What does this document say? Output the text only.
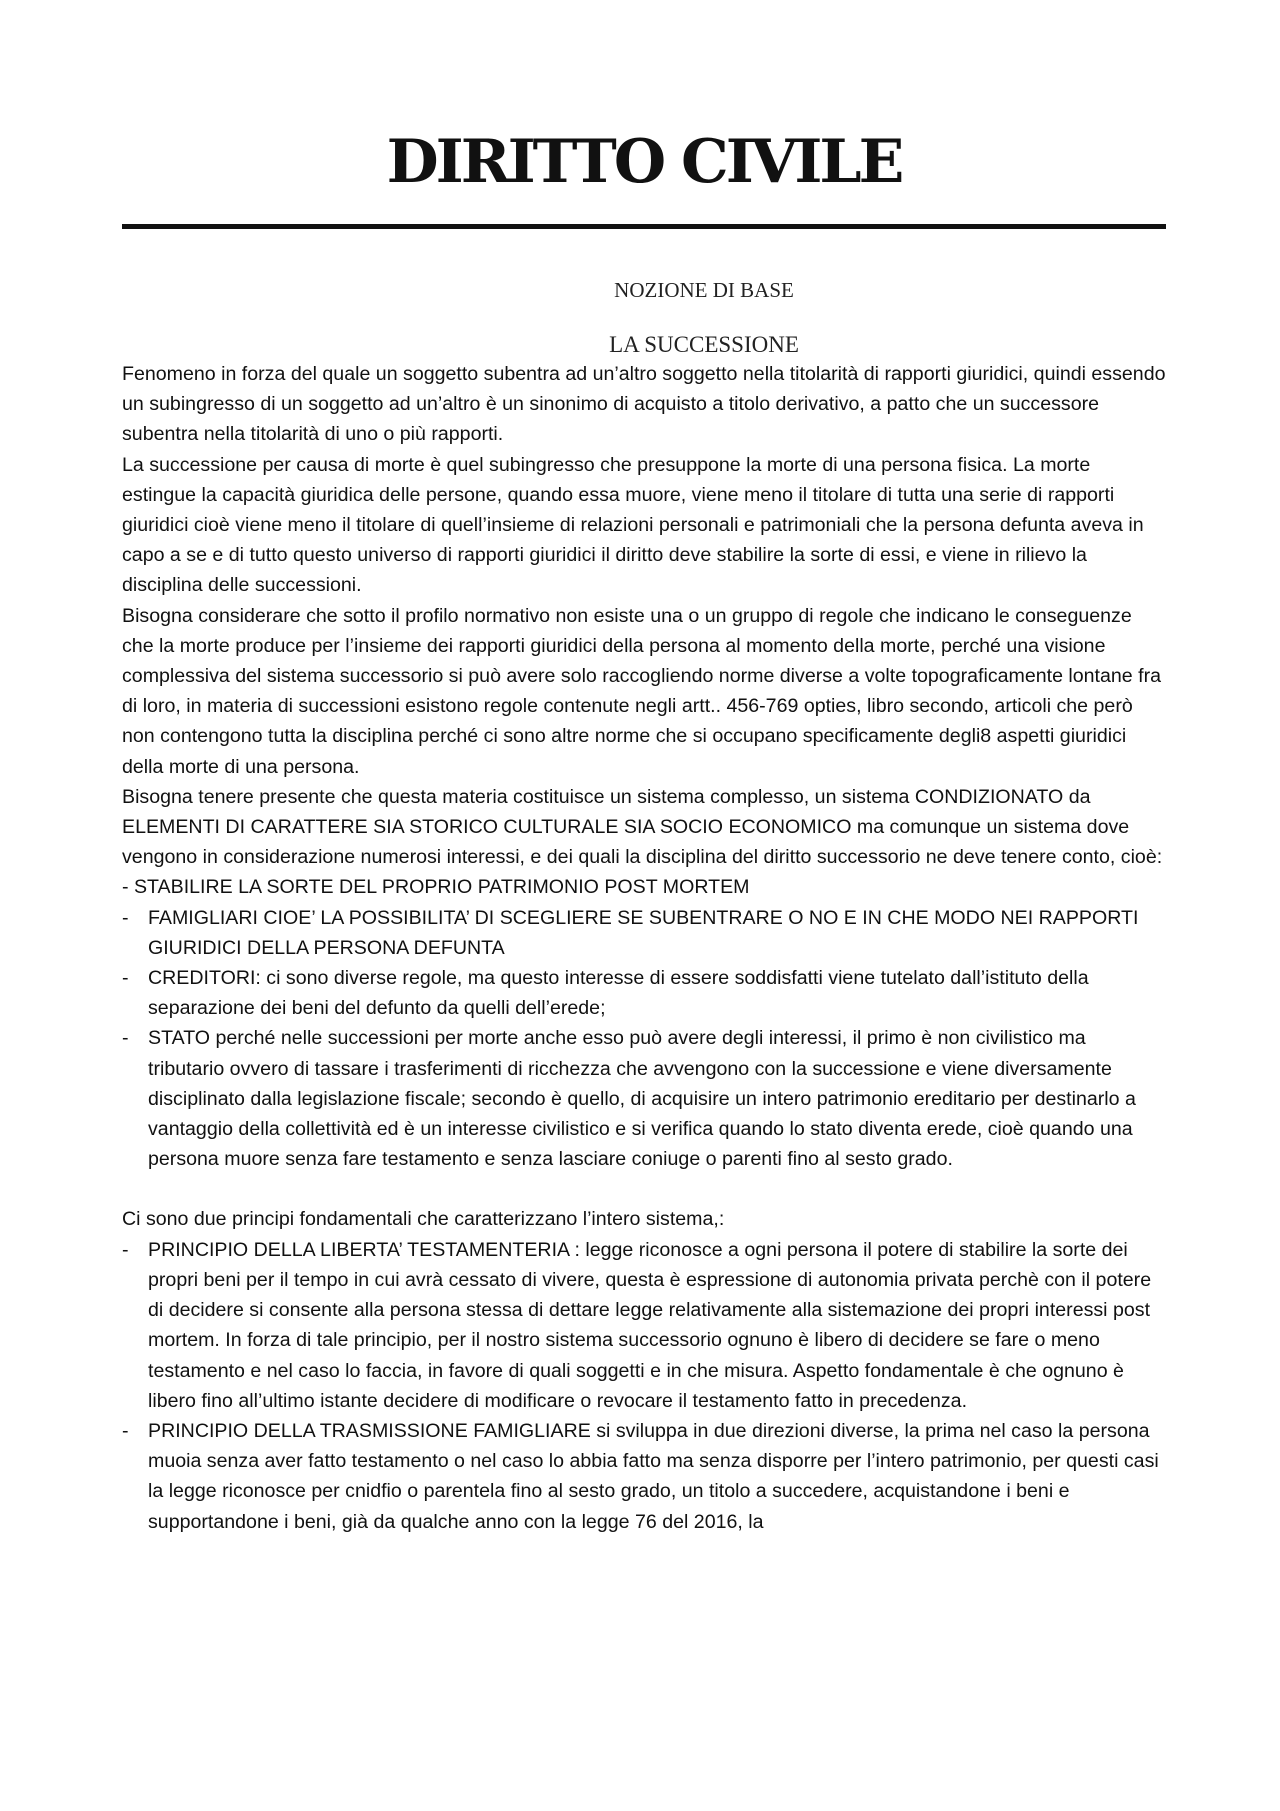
DIRITTO CIVILE
NOZIONE DI BASE
LA SUCCESSIONE

Fenomeno in forza del quale un soggetto subentra ad un’altro soggetto nella titolarità di rapporti giuridici, quindi essendo un subingresso di un soggetto ad un’altro è un sinonimo di acquisto a titolo derivativo, a patto che un successore subentra nella titolarità di uno o più rapporti.

La successione per causa di morte è quel subingresso che presuppone la morte di una persona fisica. La morte estingue la capacità giuridica delle persone, quando essa muore, viene meno il titolare di tutta una serie di rapporti giuridici cioè viene meno il titolare di quell’insieme di relazioni personali e patrimoniali che la persona defunta aveva in capo a se e di tutto questo universo di rapporti giuridici il diritto deve stabilire la sorte di essi, e viene in rilievo la disciplina delle successioni.

Bisogna considerare che sotto il profilo normativo non esiste una o un gruppo di regole che indicano le conseguenze che la morte produce per l’insieme dei rapporti giuridici della persona al momento della morte, perché una visione complessiva del sistema successorio si può avere solo raccogliendo norme diverse a volte topograficamente lontane fra di loro, in materia di successioni esistono regole contenute negli artt.. 456-769 opties, libro secondo, articoli che però non contengono tutta la disciplina perché ci sono altre norme che si occupano specificamente degli8 aspetti giuridici della morte di una persona.

Bisogna tenere presente che questa materia costituisce un sistema complesso, un sistema CONDIZIONATO da ELEMENTI DI CARATTERE SIA STORICO CULTURALE SIA SOCIO ECONOMICO ma comunque un sistema dove vengono in considerazione numerosi interessi, e dei quali la disciplina del diritto successorio ne deve tenere conto, cioè:

- STABILIRE LA SORTE DEL PROPRIO PATRIMONIO POST MORTEM

- FAMIGLIARI CIOE’ LA POSSIBILITA’ DI SCEGLIERE SE SUBENTRARE O NO E IN CHE MODO NEI RAPPORTI GIURIDICI DELLA PERSONA DEFUNTA
- CREDITORI: ci sono diverse regole, ma questo interesse di essere soddisfatti viene tutelato dall’istituto della separazione dei beni del defunto da quelli dell’erede;
- STATO perché nelle successioni per morte anche esso può avere degli interessi, il primo è non civilistico ma tributario ovvero di tassare i trasferimenti di ricchezza che avvengono con la successione e viene diversamente disciplinato dalla legislazione fiscale; secondo è quello, di acquisire un intero patrimonio ereditario per destinarlo a vantaggio della collettività ed è un interesse civilistico e si verifica quando lo stato diventa erede, cioè quando una persona muore senza fare testamento e senza lasciare coniuge o parenti fino al sesto grado.

Ci sono due principi fondamentali che caratterizzano l’intero sistema,:

- PRINCIPIO DELLA LIBERTA’ TESTAMENTERIA : legge riconosce a ogni persona il potere di stabilire la sorte dei propri beni per il tempo in cui avrà cessato di vivere, questa è espressione di autonomia privata perchè con il potere di decidere si consente alla persona stessa di dettare legge relativamente alla sistemazione dei propri interessi post mortem. In forza di tale principio, per il nostro sistema successorio ognuno è libero di decidere se fare o meno testamento e nel caso lo faccia, in favore di quali soggetti e in che misura. Aspetto fondamentale è che ognuno è libero fino all’ultimo istante decidere di modificare o revocare il testamento fatto in precedenza.
- PRINCIPIO DELLA TRASMISSIONE FAMIGLIARE si sviluppa in due direzioni diverse, la prima nel caso la persona muoia senza aver fatto testamento o nel caso lo abbia fatto ma senza disporre per l’intero patrimonio, per questi casi la legge riconosce per cnidfio o parentela fino al sesto grado, un titolo a succedere, acquistandone i beni e supportandone i beni, già da qualche anno con la legge 76 del 2016, la
